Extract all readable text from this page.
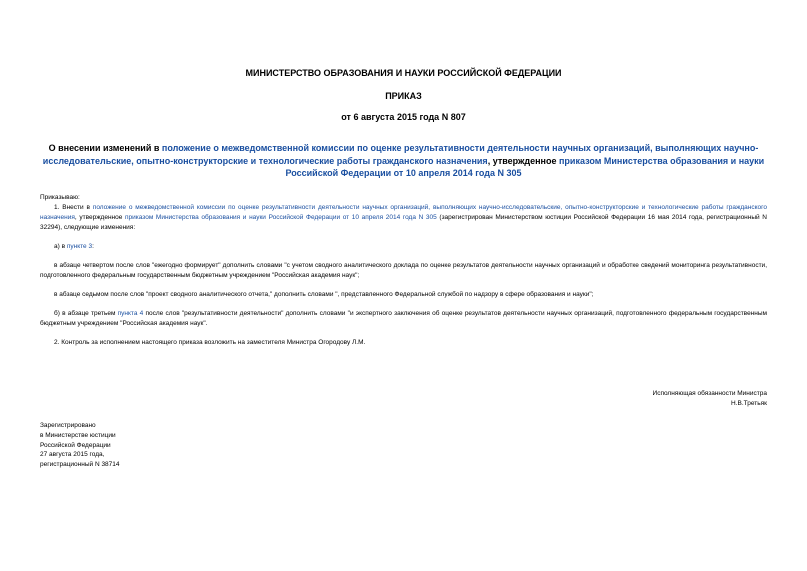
МИНИСТЕРСТВО ОБРАЗОВАНИЯ И НАУКИ РОССИЙСКОЙ ФЕДЕРАЦИИ
ПРИКАЗ
от 6 августа 2015 года N 807
О внесении изменений в положение о межведомственной комиссии по оценке результативности деятельности научных организаций, выполняющих научно-исследовательские, опытно-конструкторские и технологические работы гражданского назначения, утвержденное приказом Министерства образования и науки Российской Федерации от 10 апреля 2014 года N 305

Приказываю:

1. Внести в положение о межведомственной комиссии по оценке результативности деятельности научных организаций, выполняющих научно-исследовательские, опытно-конструкторские и технологические работы гражданского назначения, утвержденное приказом Министерства образования и науки Российской Федерации от 10 апреля 2014 года N 305 (зарегистрирован Министерством юстиции Российской Федерации 16 мая 2014 года, регистрационный N 32294), следующие изменения:

а) в пункте 3:

в абзаце четвертом после слов "ежегодно формирует" дополнить словами "с учетом сводного аналитического доклада по оценке результатов деятельности научных организаций и обработке сведений мониторинга результативности, подготовленного федеральным государственным бюджетным учреждением "Российская академия наук";

в абзаце седьмом после слов "проект сводного аналитического отчета," дополнить словами ", представленного Федеральной службой по надзору в сфере образования и науки";

б) в абзаце третьем пункта 4 после слов "результативности деятельности" дополнить словами "и экспертного заключения об оценке результатов деятельности научных организаций, подготовленного федеральным государственным бюджетным учреждением "Российская академия наук".

2. Контроль за исполнением настоящего приказа возложить на заместителя Министра Огородову Л.М.

Исполняющая обязанности Министра
Н.В.Третьяк
Зарегистрировано
в Министерстве юстиции
Российской Федерации
27 августа 2015 года,
регистрационный N 38714
